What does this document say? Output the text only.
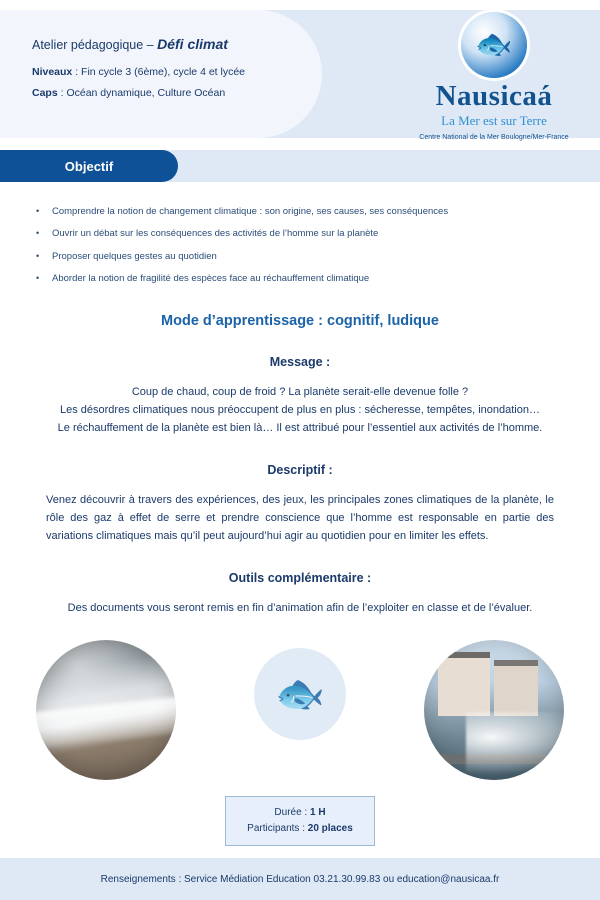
Atelier pédagogique – Défi climat
Niveaux : Fin cycle 3 (6ème), cycle 4 et lycée
Caps : Océan dynamique, Culture Océan
🐟
Nausicaá
La Mer est sur Terre
Centre National de la Mer Boulogne/Mer-France
Objectif
•	Comprendre la notion de changement climatique : son origine, ses causes, ses conséquences
•	Ouvrir un débat sur les conséquences des activités de l’homme sur la planète
•	Proposer quelques gestes au quotidien
•	Aborder la notion de fragilité des espèces face au réchauffement climatique
Mode d’apprentissage : cognitif, ludique
Message :
Coup de chaud, coup de froid ? La planète serait-elle devenue folle ?
Les désordres climatiques nous préoccupent de plus en plus : sécheresse, tempêtes, inondation…
Le réchauffement de la planète est bien là… Il est attribué pour l’essentiel aux activités de l’homme.
Descriptif :
Venez découvrir à travers des expériences, des jeux, les principales zones climatiques de la planète, le rôle des gaz à effet de serre et prendre conscience que l’homme est responsable en partie des variations climatiques mais qu’il peut aujourd’hui agir au quotidien pour en limiter les effets.
Outils complémentaire :
Des documents vous seront remis en fin d’animation afin de l’exploiter en classe et de l’évaluer.
🐟
Durée : 1 H
Participants : 20 places
Renseignements : Service Médiation Education 03.21.30.99.83 ou education@nausicaa.fr
